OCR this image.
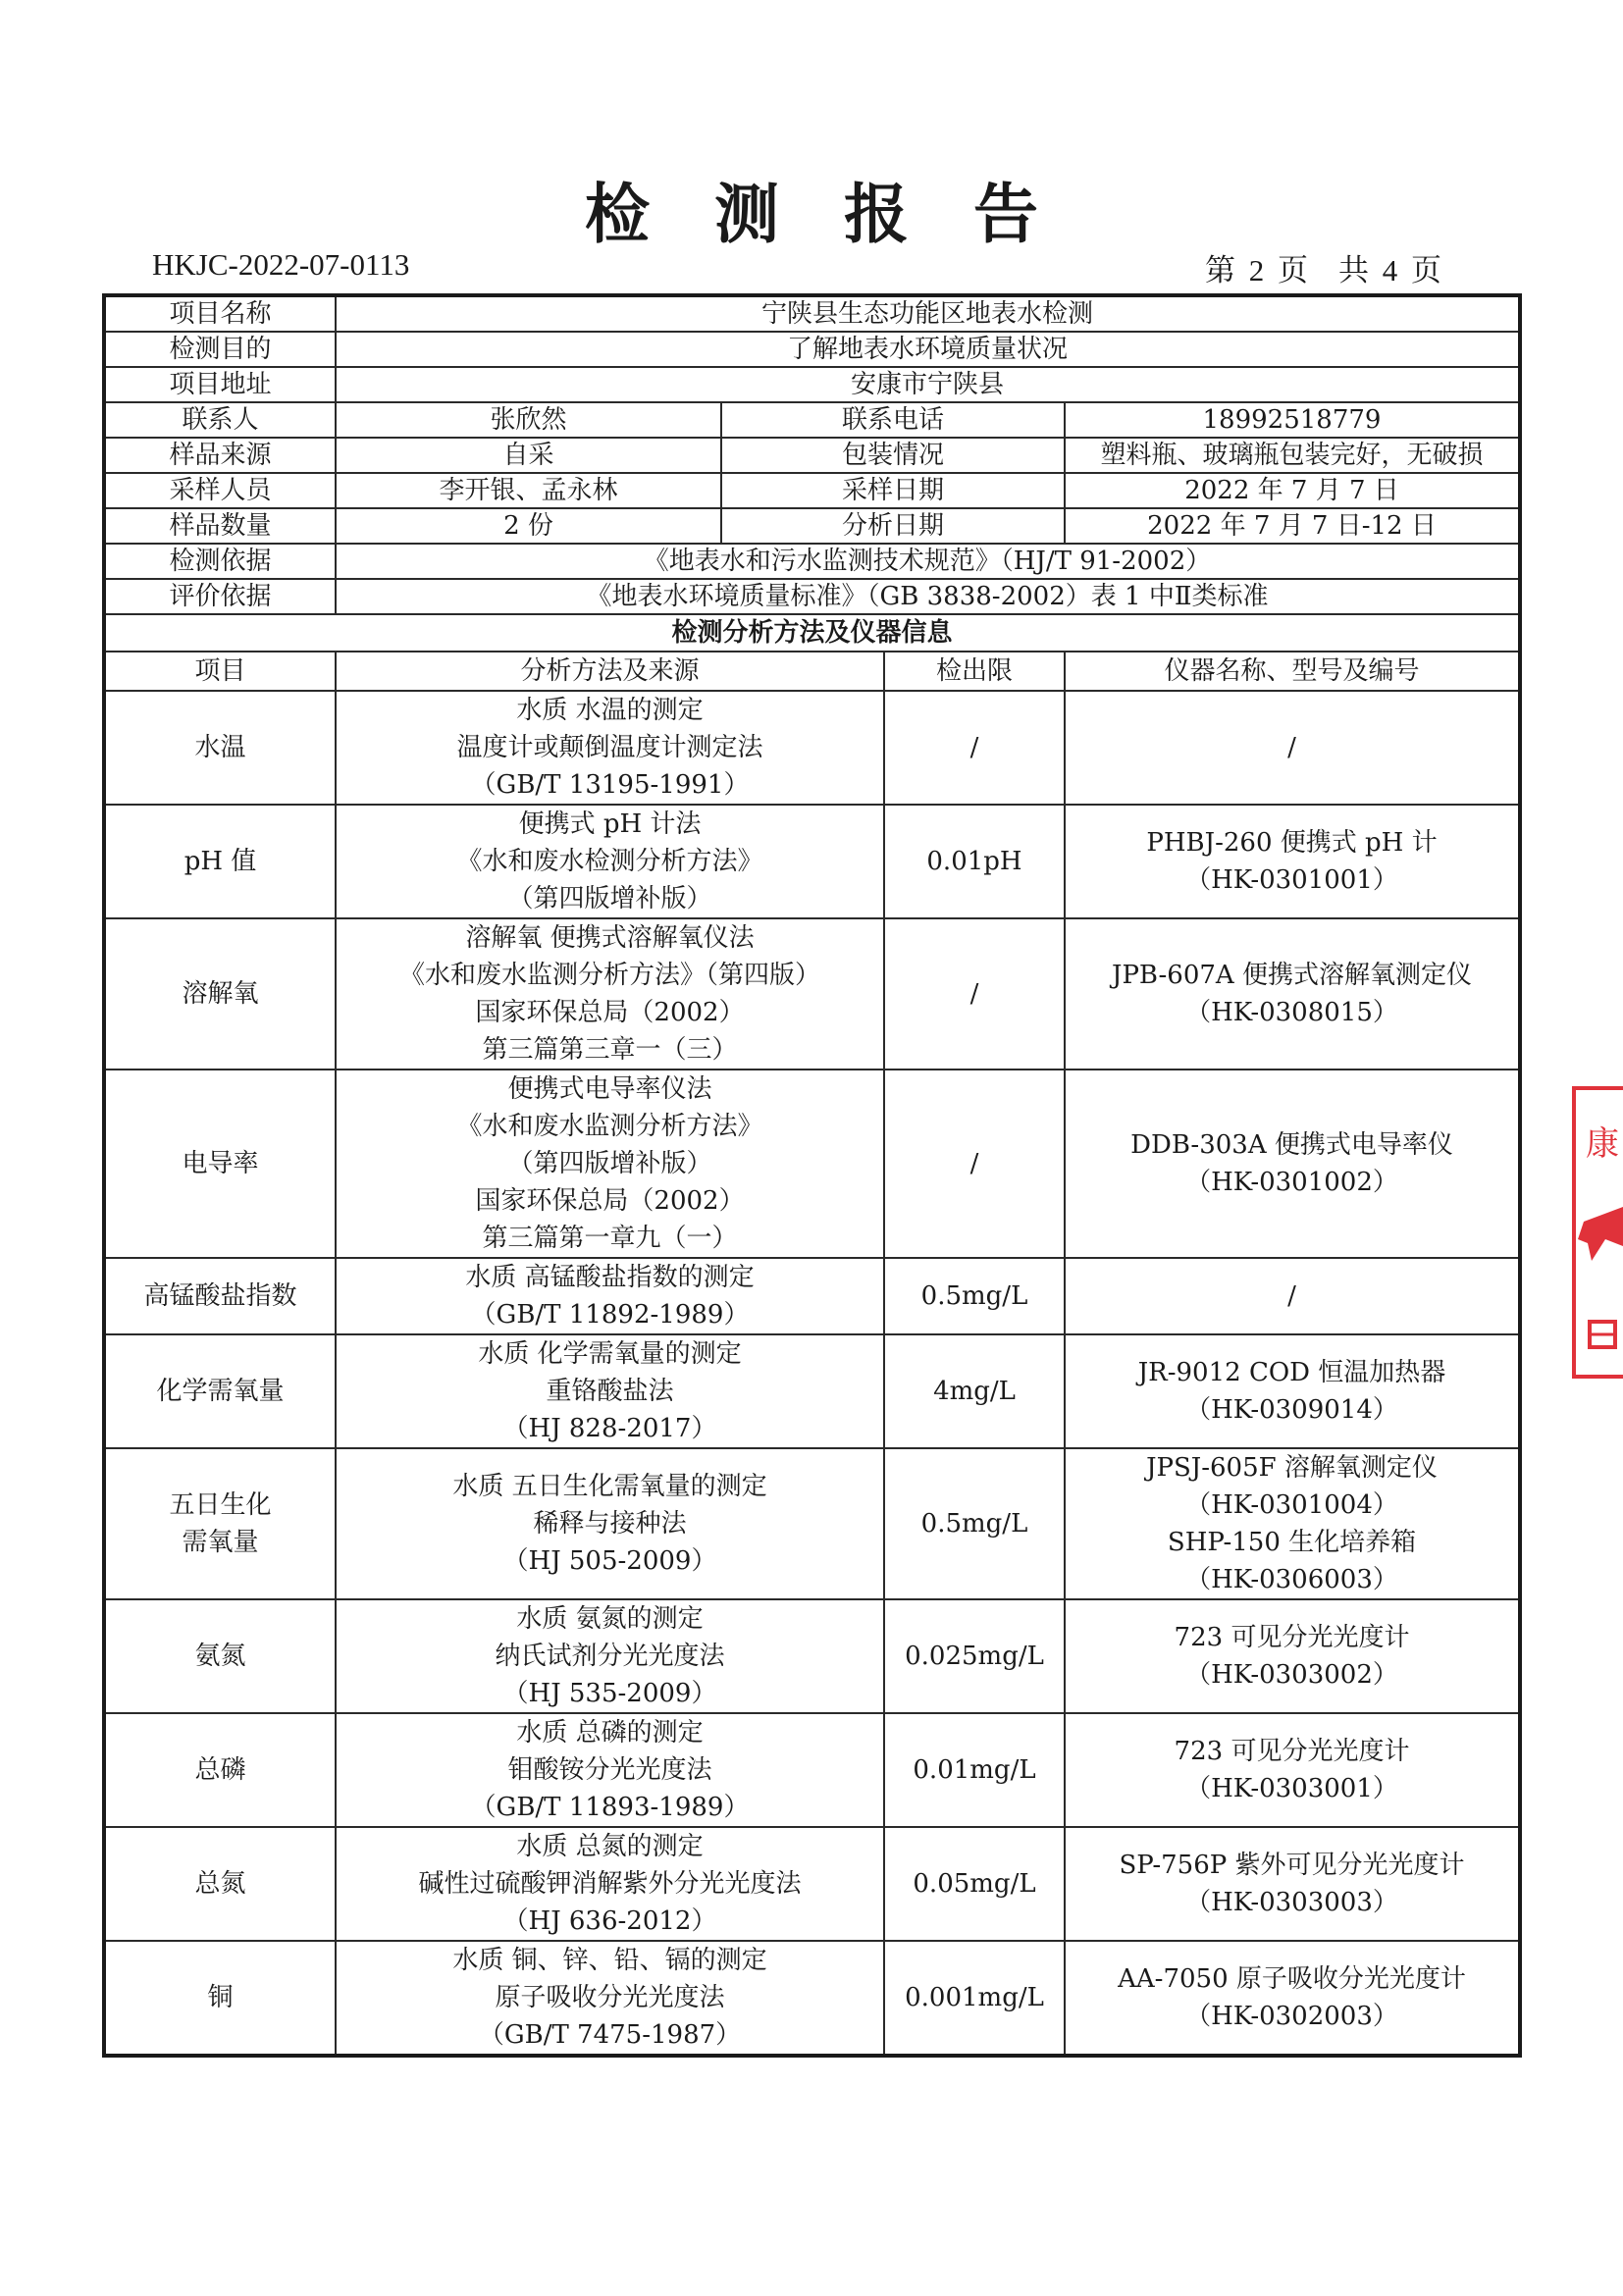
检测报告
HKJC-2022-07-0113	第 2 页　共 4 页
项目名称	宁陕县生态功能区地表水检测			
检测目的	了解地表水环境质量状况			
项目地址	安康市宁陕县			
联系人	张欣然	联系电话		18992518779
样品来源	自采	包装情况		塑料瓶、玻璃瓶包装完好，无破损
采样人员	李开银、孟永林	采样日期		2022 年 7 月 7 日
样品数量	2 份	分析日期		2022 年 7 月 7 日-12 日
检测依据	《地表水和污水监测技术规范》（HJ/T 91-2002）			
评价依据	《地表水环境质量标准》（GB 3838-2002）表 1 中Ⅱ类标准			
检测分析方法及仪器信息				
项目	分析方法及来源		检出限	仪器名称、型号及编号

水温	水质 水温的测定
温度计或颠倒温度计测定法
（GB/T 13195-1991）		/	/

pH 值	便携式 pH 计法
《水和废水检测分析方法》
（第四版增补版）		0.01pH	PHBJ-260 便携式 pH 计
（HK-0301001）

溶解氧	溶解氧 便携式溶解氧仪法
《水和废水监测分析方法》（第四版）
国家环保总局（2002）
第三篇第三章一（三）		/	JPB-607A 便携式溶解氧测定仪
（HK-0308015）

电导率	便携式电导率仪法
《水和废水监测分析方法》
（第四版增补版）
国家环保总局（2002）
第三篇第一章九（一）		/	DDB-303A 便携式电导率仪
（HK-0301002）

高锰酸盐指数	水质 高锰酸盐指数的测定
（GB/T 11892-1989）		0.5mg/L	/

化学需氧量	水质 化学需氧量的测定
重铬酸盐法
（HJ 828-2017）		4mg/L	JR-9012 COD 恒温加热器
（HK-0309014）

五日生化
需氧量	水质 五日生化需氧量的测定
稀释与接种法
（HJ 505-2009）		0.5mg/L	JPSJ-605F 溶解氧测定仪
（HK-0301004）
SHP-150 生化培养箱
（HK-0306003）

氨氮	水质 氨氮的测定
纳氏试剂分光光度法
（HJ 535-2009）		0.025mg/L	723 可见分光光度计
（HK-0303002）

总磷	水质 总磷的测定
钼酸铵分光光度法
（GB/T 11893-1989）		0.01mg/L	723 可见分光光度计
（HK-0303001）

总氮	水质 总氮的测定
碱性过硫酸钾消解紫外分光光度法
（HJ 636-2012）		0.05mg/L	SP-756P 紫外可见分光光度计
（HK-0303003）

铜	水质 铜、锌、铅、镉的测定
原子吸收分光光度法
（GB/T 7475-1987）		0.001mg/L	AA-7050 原子吸收分光光度计
（HK-0302003）
康
